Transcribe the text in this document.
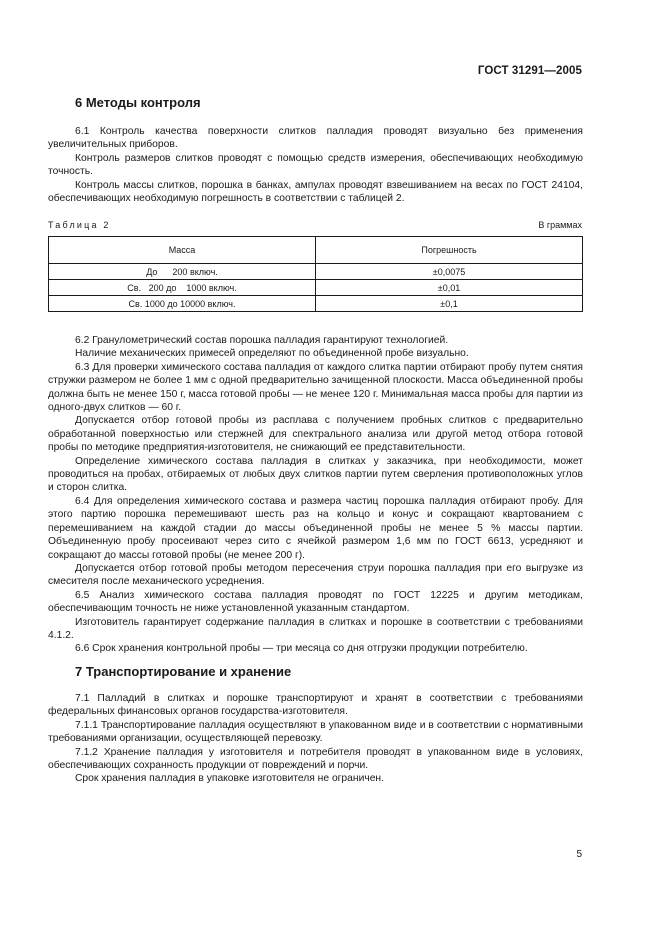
ГОСТ 31291—2005
6 Методы контроля

6.1 Контроль качества поверхности слитков палладия проводят визуально без применения увеличительных приборов.

Контроль размеров слитков проводят с помощью средств измерения, обеспечивающих необходимую точность.

Контроль массы слитков, порошка в банках, ампулах проводят взвешиванием на весах по ГОСТ 24104, обеспечивающих необходимую погрешность в соответствии с таблицей 2.

Таблица 2	В граммах
Масса	Погрешность
До      200 включ.	±0,0075
Св.   200 до    1000 включ.	±0,01
Св. 1000 до 10000 включ.	±0,1

6.2 Гранулометрический состав порошка палладия гарантируют технологией.

Наличие механических примесей определяют по объединенной пробе визуально.

6.3 Для проверки химического состава палладия от каждого слитка партии отбирают пробу путем снятия стружки размером не более 1 мм с одной предварительно зачищенной плоскости. Масса объединенной пробы должна быть не менее 150 г, масса готовой пробы — не менее 120 г. Минимальная масса пробы для партии из одного-двух слитков — 60 г.

Допускается отбор готовой пробы из расплава с получением пробных слитков с предварительно обработанной поверхностью или стержней для спектрального анализа или другой метод отбора готовой пробы по методике предприятия-изготовителя, не снижающий ее представительности.

Определение химического состава палладия в слитках у заказчика, при необходимости, может проводиться на пробах, отбираемых от любых двух слитков партии путем сверления противоположных углов и сторон слитка.

6.4 Для определения химического состава и размера частиц порошка палладия отбирают пробу. Для этого партию порошка перемешивают шесть раз на кольцо и конус и сокращают квартованием с перемешиванием на каждой стадии до массы объединенной пробы не менее 5 % массы партии. Объединенную пробу просеивают через сито с ячейкой размером 1,6 мм по ГОСТ 6613, усредняют и сокращают до массы готовой пробы (не менее 200 г).

Допускается отбор готовой пробы методом пересечения струи порошка палладия при его выгрузке из смесителя после механического усреднения.

6.5 Анализ химического состава палладия проводят по ГОСТ 12225 и другим методикам, обеспечивающим точность не ниже установленной указанным стандартом.

Изготовитель гарантирует содержание палладия в слитках и порошке в соответствии с требованиями 4.1.2.

6.6 Срок хранения контрольной пробы — три месяца со дня отгрузки продукции потребителю.

7 Транспортирование и хранение

7.1 Палладий в слитках и порошке транспортируют и хранят в соответствии с требованиями федеральных финансовых органов государства-изготовителя.

7.1.1 Транспортирование палладия осуществляют в упакованном виде и в соответствии с нормативными требованиями организации, осуществляющей перевозку.

7.1.2 Хранение палладия у изготовителя и потребителя проводят в упакованном виде в условиях, обеспечивающих сохранность продукции от повреждений и порчи.

Срок хранения палладия в упаковке изготовителя не ограничен.

5
